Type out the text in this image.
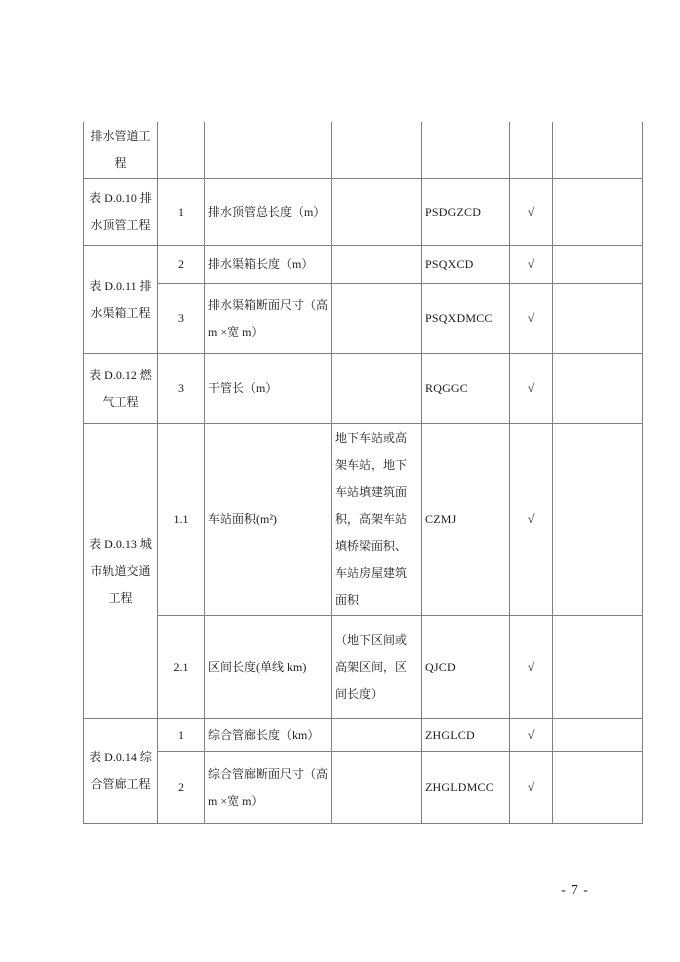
排水管道工程						
表 D.0.10 排水顶管工程	1	排水顶管总长度（m）		PSDGZCD	√	
表 D.0.11 排水渠箱工程	2	排水渠箱长度（m）		PSQXCD	√	
	3	排水渠箱断面尺寸（高 m ×宽 m）		PSQXDMCC	√	
表 D.0.12 燃气工程	3	干管长（m）		RQGGC	√	
表 D.0.13 城市轨道交通工程	1.1	车站面积(m²)	地下车站或高架车站，地下车站填建筑面积，高架车站填桥梁面积、车站房屋建筑面积	CZMJ	√	
	2.1	区间长度(单线 km)	（地下区间或高架区间，区间长度）	QJCD	√	
表 D.0.14 综合管廊工程	1	综合管廊长度（km）		ZHGLCD	√	
	2	综合管廊断面尺寸（高 m ×宽 m）		ZHGLDMCC	√	
- 7 -
